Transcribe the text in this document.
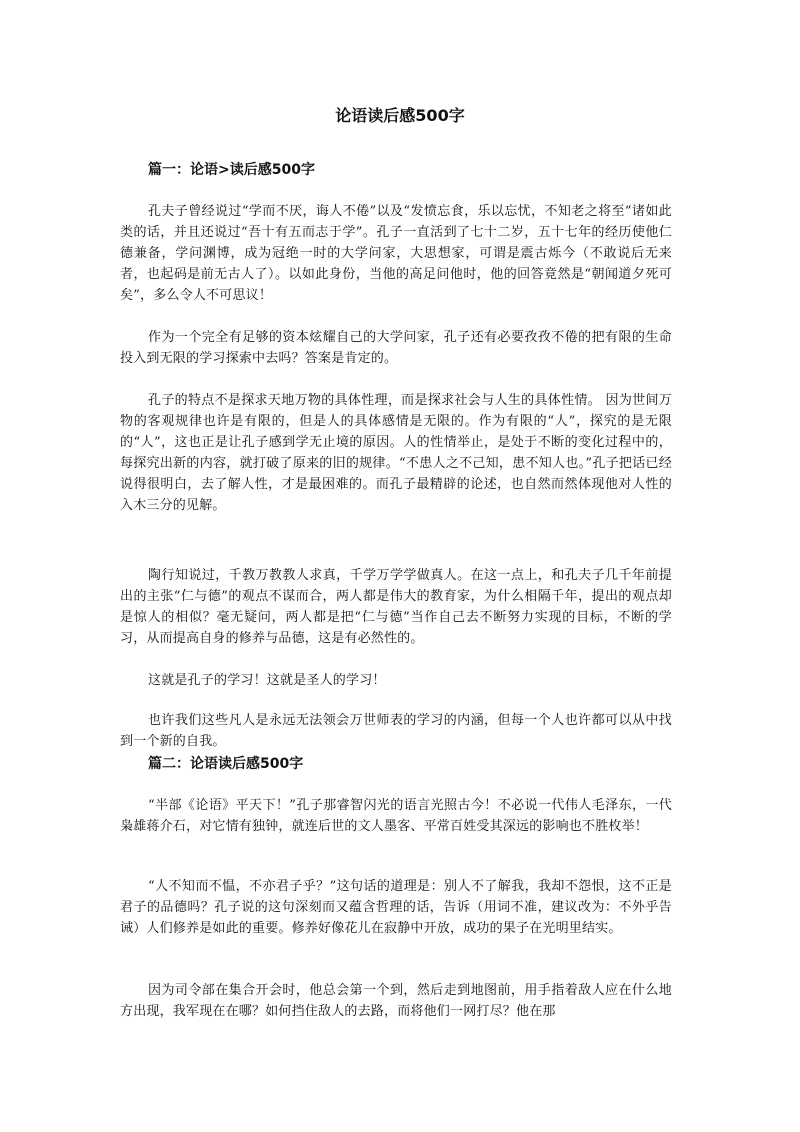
论语读后感500字
篇一：论语>读后感500字

孔夫子曾经说过“学而不厌，诲人不倦”以及“发愤忘食，乐以忘忧，不知老之将至”诸如此类的话，并且还说过“吾十有五而志于学”。孔子一直活到了七十二岁，五十七年的经历使他仁德兼备，学问渊博，成为冠绝一时的大学问家，大思想家，可谓是震古烁今（不敢说后无来者，也起码是前无古人了）。以如此身份，当他的高足问他时，他的回答竟然是“朝闻道夕死可矣”，多么令人不可思议！

作为一个完全有足够的资本炫耀自己的大学问家，孔子还有必要孜孜不倦的把有限的生命投入到无限的学习探索中去吗？答案是肯定的。

孔子的特点不是探求天地万物的具体性理，而是探求社会与人生的具体性情。 因为世间万物的客观规律也许是有限的，但是人的具体感情是无限的。作为有限的“人”，探究的是无限的“人”，这也正是让孔子感到学无止境的原因。人的性情举止，是处于不断的变化过程中的，每探究出新的内容，就打破了原来的旧的规律。“不患人之不己知，患不知人也。”孔子把话已经说得很明白，去了解人性，才是最困难的。而孔子最精辟的论述，也自然而然体现他对人性的入木三分的见解。

陶行知说过，千教万教教人求真，千学万学学做真人。在这一点上，和孔夫子几千年前提出的主张“仁与德”的观点不谋而合，两人都是伟大的教育家，为什么相隔千年，提出的观点却是惊人的相似？毫无疑问，两人都是把“仁与德”当作自己去不断努力实现的目标，不断的学习，从而提高自身的修养与品德，这是有必然性的。

这就是孔子的学习！这就是圣人的学习！

也许我们这些凡人是永远无法领会万世师表的学习的内涵，但每一个人也许都可以从中找到一个新的自我。

篇二：论语读后感500字

“半部《论语》平天下！”孔子那睿智闪光的语言光照古今！不必说一代伟人毛泽东，一代枭雄蒋介石，对它情有独钟，就连后世的文人墨客、平常百姓受其深远的影响也不胜枚举！

“人不知而不愠，不亦君子乎？”这句话的道理是：别人不了解我，我却不怨恨，这不正是君子的品德吗？孔子说的这句深刻而又蕴含哲理的话，告诉（用词不准，建议改为：不外乎告诫）人们修养是如此的重要。修养好像花儿在寂静中开放，成功的果子在光明里结实。

因为司令部在集合开会时，他总会第一个到，然后走到地图前，用手指着敌人应在什么地方出现，我军现在在哪？如何挡住敌人的去路，而将他们一网打尽？他在那
